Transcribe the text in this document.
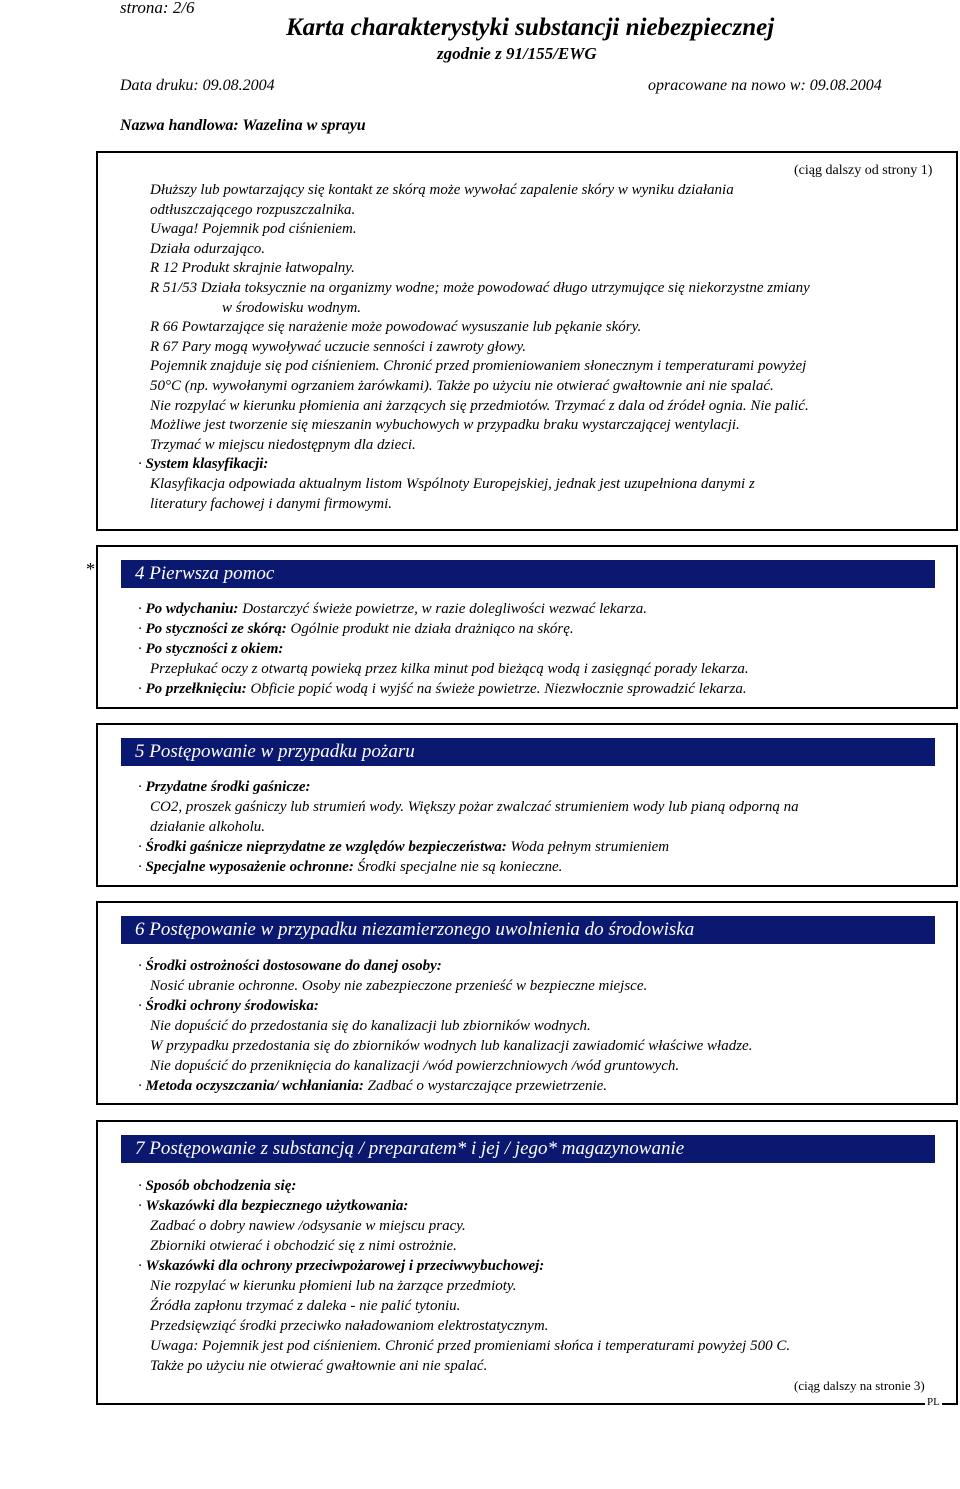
strona: 2/6
Karta charakterystyki substancji niebezpiecznej
zgodnie z 91/155/EWG
Data druku: 09.08.2004	opracowane na nowo w: 09.08.2004
Nazwa handlowa: Wazelina w sprayu
(ciąg dalszy od strony 1)
Dłuższy lub powtarzający się kontakt ze skórą może wywołać zapalenie skóry w wyniku działania
odtłuszczającego rozpuszczalnika.
Uwaga! Pojemnik pod ciśnieniem.
Działa odurzająco.
R 12 Produkt skrajnie łatwopalny.
R 51/53 Działa toksycznie na organizmy wodne; może powodować długo utrzymujące się niekorzystne zmiany
w środowisku wodnym.
R 66 Powtarzające się narażenie może powodować wysuszanie lub pękanie skóry.
R 67 Pary mogą wywoływać uczucie senności i zawroty głowy.
Pojemnik znajduje się pod ciśnieniem. Chronić przed promieniowaniem słonecznym i temperaturami powyżej
50°C (np. wywołanymi ogrzaniem żarówkami). Także po użyciu nie otwierać gwałtownie ani nie spalać.
Nie rozpylać w kierunku płomienia ani żarzących się przedmiotów. Trzymać z dala od źródeł ognia. Nie palić.
Możliwe jest tworzenie się mieszanin wybuchowych w przypadku braku wystarczającej wentylacji.
Trzymać w miejscu niedostępnym dla dzieci.
· System klasyfikacji:
Klasyfikacja odpowiada aktualnym listom Wspólnoty Europejskiej, jednak jest uzupełniona danymi z
literatury fachowej i danymi firmowymi.
*	4 Pierwsza pomoc
· Po wdychaniu: Dostarczyć świeże powietrze, w razie dolegliwości wezwać lekarza.
· Po styczności ze skórą: Ogólnie produkt nie działa drażniąco na skórę.
· Po styczności z okiem:
Przepłukać oczy z otwartą powieką przez kilka minut pod bieżącą wodą i zasięgnąć porady lekarza.
· Po przełknięciu: Obficie popić wodą i wyjść na świeże powietrze. Niezwłocznie sprowadzić lekarza.
5 Postępowanie w przypadku pożaru
· Przydatne środki gaśnicze:
CO2, proszek gaśniczy lub strumień wody. Większy pożar zwalczać strumieniem wody lub pianą odporną na
działanie alkoholu.
· Środki gaśnicze nieprzydatne ze względów bezpieczeństwa: Woda pełnym strumieniem
· Specjalne wyposażenie ochronne: Środki specjalne nie są konieczne.
6 Postępowanie w przypadku niezamierzonego uwolnienia do środowiska
· Środki ostrożności dostosowane do danej osoby:
Nosić ubranie ochronne. Osoby nie zabezpieczone przenieść w bezpieczne miejsce.
· Środki ochrony środowiska:
Nie dopuścić do przedostania się do kanalizacji lub zbiorników wodnych.
W przypadku przedostania się do zbiorników wodnych lub kanalizacji zawiadomić właściwe władze.
Nie dopuścić do przeniknięcia do kanalizacji /wód powierzchniowych /wód gruntowych.
· Metoda oczyszczania/ wchłaniania: Zadbać o wystarczające przewietrzenie.
7 Postępowanie z substancją / preparatem* i jej / jego* magazynowanie
· Sposób obchodzenia się:
· Wskazówki dla bezpiecznego użytkowania:
Zadbać o dobry nawiew /odsysanie w miejscu pracy.
Zbiorniki otwierać i obchodzić się z nimi ostrożnie.
· Wskazówki dla ochrony przeciwpożarowej i przeciwwybuchowej:
Nie rozpylać w kierunku płomieni lub na żarzące przedmioty.
Źródła zapłonu trzymać z daleka - nie palić tytoniu.
Przedsięwziąć środki przeciwko naładowaniom elektrostatycznym.
Uwaga: Pojemnik jest pod ciśnieniem. Chronić przed promieniami słońca i temperaturami powyżej 500 C.
Także po użyciu nie otwierać gwałtownie ani nie spalać.
(ciąg dalszy na stronie 3)
PL
